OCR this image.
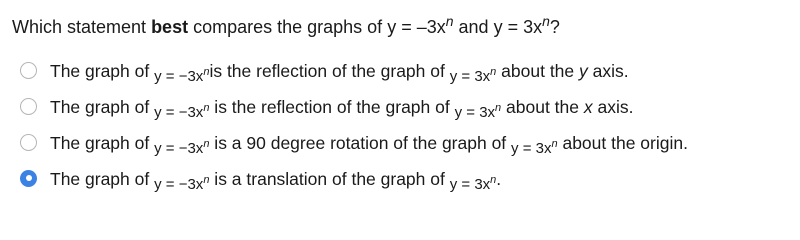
Which statement best compares the graphs of $y = -3x^n$ and $y = 3x^n$?
The graph of $y = -3x^nis$ the reflection of the graph of $y = 3x^n$ about the y axis.
The graph of $y = -3x^n$ is the reflection of the graph of $y = 3x^n$ about the x axis.
The graph of $y = -3x^n$ is a 90 degree rotation of the graph of $y = 3x^n$ about the origin.
The graph of $y = -3x^n$ is a translation of the graph of $y = 3x^n$.
